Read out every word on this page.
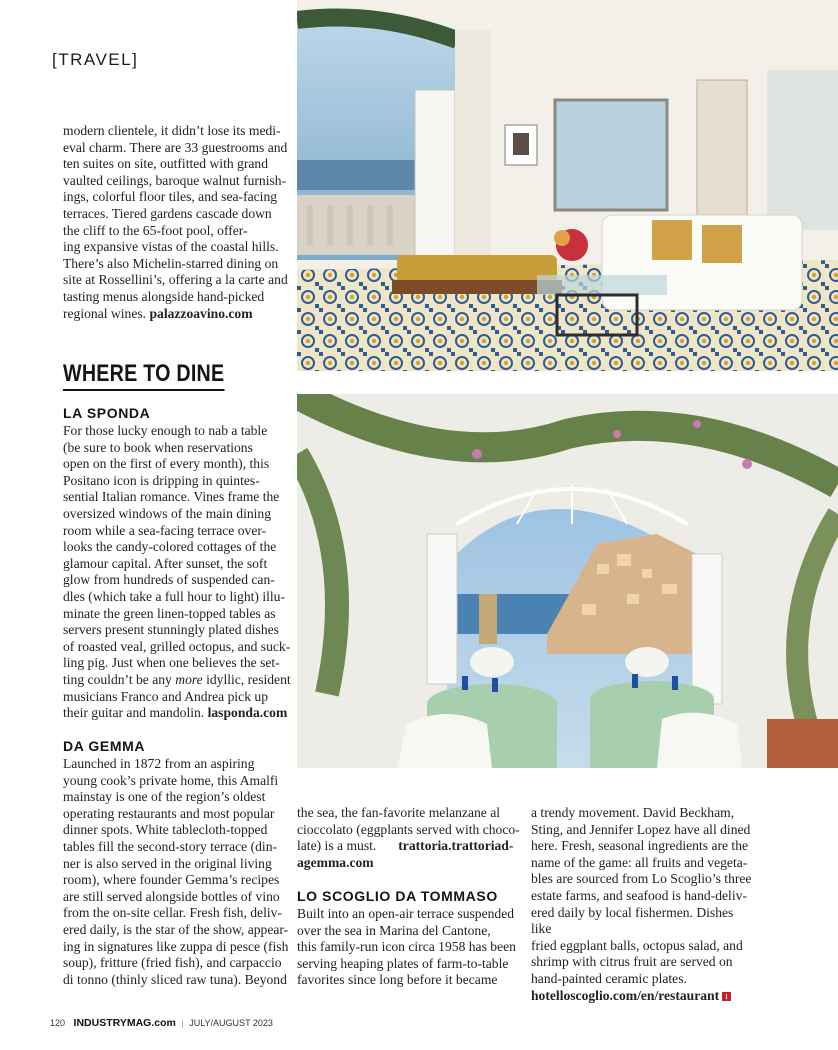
[TRAVEL]

modern clientele, it didn’t lose its medi-

eval charm. There are 33 guestrooms and

ten suites on site, outfitted with grand

vaulted ceilings, baroque walnut furnish-

ings, colorful floor tiles, and sea-facing

terraces. Tiered gardens cascade down

the cliff to the 65-foot pool, offer-

ing expansive vistas of the coastal hills.

There’s also Michelin-starred dining on

site at Rossellini’s, offering a la carte and

tasting menus alongside hand-picked

regional wines. palazzoavino.com

WHERE TO DINE
LA SPONDA

For those lucky enough to nab a table

(be sure to book when reservations

open on the first of every month), this

Positano icon is dripping in quintes-

sential Italian romance. Vines frame the

oversized windows of the main dining

room while a sea-facing terrace over-

looks the candy-colored cottages of the

glamour capital. After sunset, the soft

glow from hundreds of suspended can-

dles (which take a full hour to light) illu-

minate the green linen-topped tables as

servers present stunningly plated dishes

of roasted veal, grilled octopus, and suck-

ling pig. Just when one believes the set-

ting couldn’t be any more idyllic, resident

musicians Franco and Andrea pick up

their guitar and mandolin. lasponda.com

DA GEMMA

Launched in 1872 from an aspiring

young cook’s private home, this Amalfi

mainstay is one of the region’s oldest

operating restaurants and most popular

dinner spots. White tablecloth-topped

tables fill the second-story terrace (din-

ner is also served in the original living

room), where founder Gemma’s recipes

are still served alongside bottles of vino

from the on-site cellar. Fresh fish, deliv-

ered daily, is the star of the show, appear-

ing in signatures like zuppa di pesce (fish

soup), fritture (fried fish), and carpaccio

di tonno (thinly sliced raw tuna). Beyond

the sea, the fan-favorite melanzane al

cioccolato (eggplants served with choco-

late) is a must. trattoria.trattoriad-

agemma.com

LO SCOGLIO DA TOMMASO

Built into an open-air terrace suspended

over the sea in Marina del Cantone,

this family-run icon circa 1958 has been

serving heaping plates of farm-to-table

favorites since long before it became

a trendy movement. David Beckham,

Sting, and Jennifer Lopez have all dined

here. Fresh, seasonal ingredients are the

name of the game: all fruits and vegeta-

bles are sourced from Lo Scoglio’s three

estate farms, and seafood is hand-deliv-

ered daily by local fishermen. Dishes like

fried eggplant balls, octopus salad, and

shrimp with citrus fruit are served on

hand-painted ceramic plates.

hotelloscoglio.com/en/restaurant

120 INDUSTRYMAG.com | JULY/AUGUST 2023
